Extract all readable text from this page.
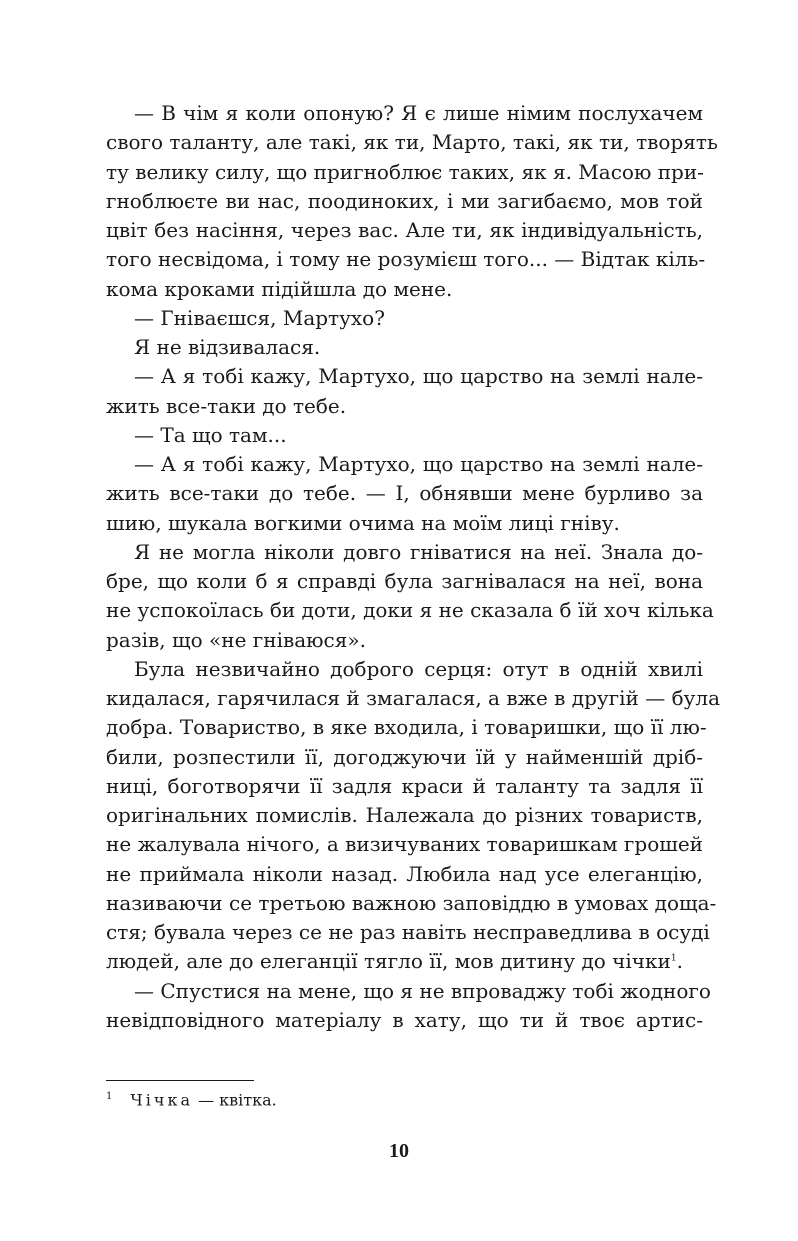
— В чім я коли опоную? Я є лише німим послухачем
свого таланту, але такі, як ти, Марто, такі, як ти, творять
ту велику силу, що пригноблює таких, як я. Масою при-
гноблюєте ви нас, поодиноких, і ми загибаємо, мов той
цвіт без насіння, через вас. Але ти, як індивідуальність,
того несвідома, і тому не розумієш того... — Відтак кіль-
кома кроками підійшла до мене.
— Гніваєшся, Мартухо?
Я не відзивалася.
— А я тобі кажу, Мартухо, що царство на землі нале-
жить все-таки до тебе.
— Та що там...
— А я тобі кажу, Мартухо, що царство на землі нале-
жить все-таки до тебе. — І, обнявши мене бурливо за
шию, шукала вогкими очима на моїм лиці гніву.
Я не могла ніколи довго гніватися на неї. Знала до-
бре, що коли б я справді була загнівалася на неї, вона
не успокоїлась би доти, доки я не сказала б їй хоч кілька
разів, що «не гніваюся».
Була незвичайно доброго серця: отут в одній хвилі
кидалася, гарячилася й змагалася, а вже в другій — була
добра. Товариство, в яке входила, і товаришки, що її лю-
били, розпестили її, догоджуючи їй у найменшій дріб-
ниці, боготворячи її задля краси й таланту та задля її
оригінальних помислів. Належала до різних товариств,
не жалувала нічого, а визичуваних товаришкам грошей
не приймала ніколи назад. Любила над усе елеганцію,
називаючи се третьою важною заповіддю в умовах доща-
стя; бувала через се не раз навіть несправедлива в осуді
людей, але до елеганції тягло її, мов дитину до чічки$^1$.
— Спустися на мене, що я не впроваджу тобі жодного
невідповідного матеріалу в хату, що ти й твоє артис-
$^1$ Чічка — квітка.
10
